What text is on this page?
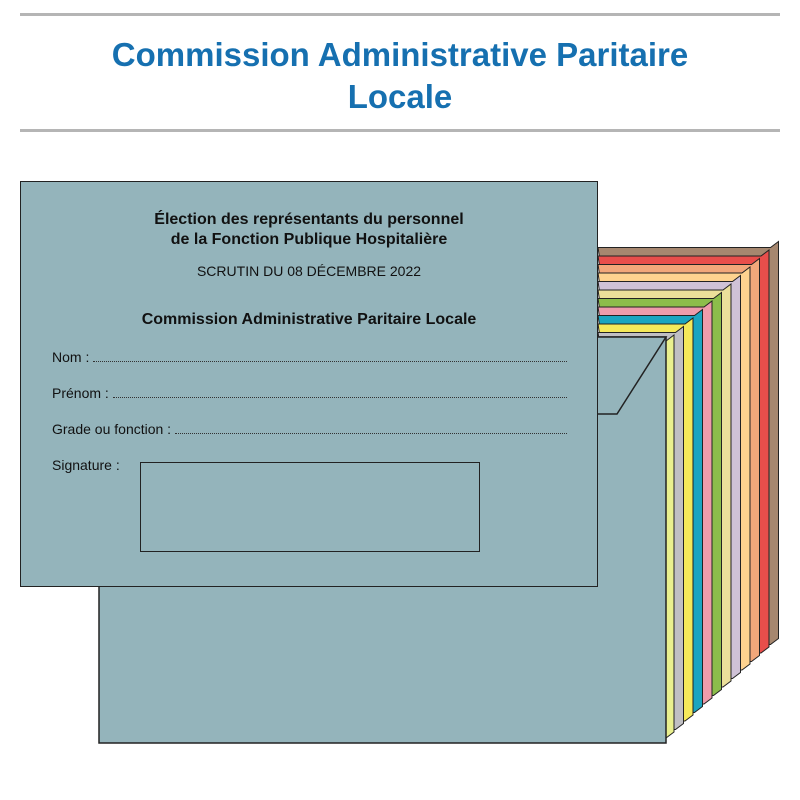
Commission Administrative Paritaire
Locale
Élection des représentants du personnel
de la Fonction Publique Hospitalière
SCRUTIN DU 08 DÉCEMBRE 2022
Commission Administrative Paritaire Locale
Nom :
Prénom :
Grade ou fonction :
Signature :
